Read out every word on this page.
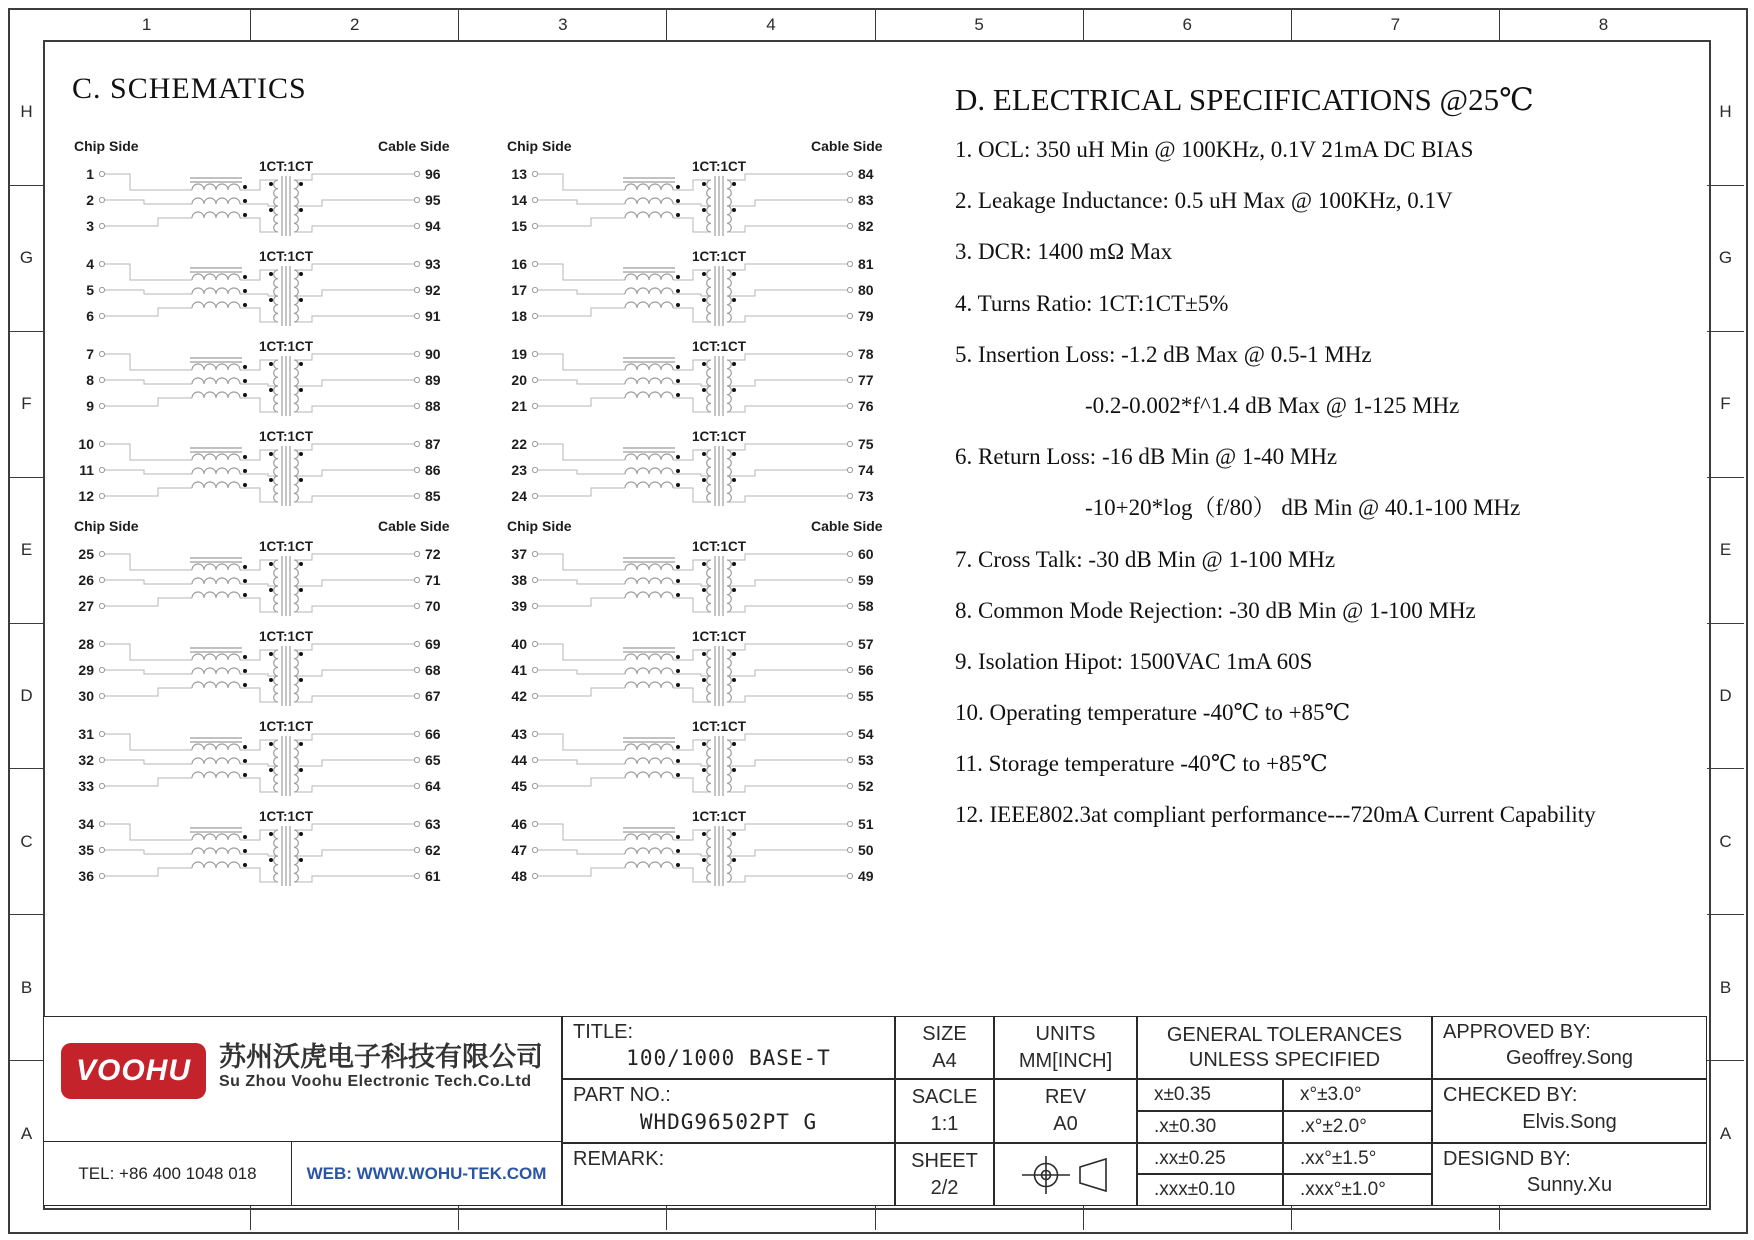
1	2	3	4	5	6	7	8
H
G
F
E
D
C
B
A
H
G
F
E
D
C
B
A
C. SCHEMATICS
Chip Side	Cable Side
1CT:1CT
1
2
3
96
95
94
1CT:1CT
4
5
6
93
92
91
1CT:1CT
7
8
9
90
89
88
1CT:1CT
10
11
12
87
86
85
Chip Side	Cable Side
1CT:1CT
13
14
15
84
83
82
1CT:1CT
16
17
18
81
80
79
1CT:1CT
19
20
21
78
77
76
1CT:1CT
22
23
24
75
74
73
Chip Side	Cable Side
1CT:1CT
25
26
27
72
71
70
1CT:1CT
28
29
30
69
68
67
1CT:1CT
31
32
33
66
65
64
1CT:1CT
34
35
36
63
62
61
Chip Side	Cable Side
1CT:1CT
37
38
39
60
59
58
1CT:1CT
40
41
42
57
56
55
1CT:1CT
43
44
45
54
53
52
1CT:1CT
46
47
48
51
50
49
D. ELECTRICAL SPECIFICATIONS @25℃
1. OCL: 350 uH Min @ 100KHz, 0.1V 21mA DC BIAS
2. Leakage Inductance: 0.5 uH Max @ 100KHz, 0.1V
3. DCR: 1400 mΩ Max
4. Turns Ratio: 1CT:1CT±5%
5. Insertion Loss: -1.2 dB Max @ 0.5-1 MHz
-0.2-0.002*f^1.4 dB Max @ 1-125 MHz
6. Return Loss: -16 dB Min @ 1-40 MHz
-10+20*log（f/80） dB Min @ 40.1-100 MHz
7. Cross Talk: -30 dB Min @ 1-100 MHz
8. Common Mode Rejection: -30 dB Min @ 1-100 MHz
9. Isolation Hipot: 1500VAC 1mA 60S
10. Operating temperature -40℃ to +85℃
11. Storage temperature -40℃ to +85℃
12. IEEE802.3at compliant performance---720mA Current Capability
VOOHU 苏州沃虎电子科技有限公司
Su Zhou Voohu Electronic Tech.Co.Ltd
TEL: +86 400 1048 018	WEB: WWW.WOHU-TEK.COM
TITLE:
100/1000 BASE-T
PART NO.:
WHDG96502PT G
REMARK:
SIZE
A4
SACLE
1:1
SHEET
2/2
UNITS
MM[INCH]
REV
A0
GENERAL TOLERANCES
UNLESS SPECIFIED
x±0.35	x°±3.0°
.x±0.30	.x°±2.0°
.xx±0.25	.xx°±1.5°
.xxx±0.10	.xxx°±1.0°
APPROVED BY:
Geoffrey.Song
CHECKED BY:
Elvis.Song
DESIGND BY:
Sunny.Xu
